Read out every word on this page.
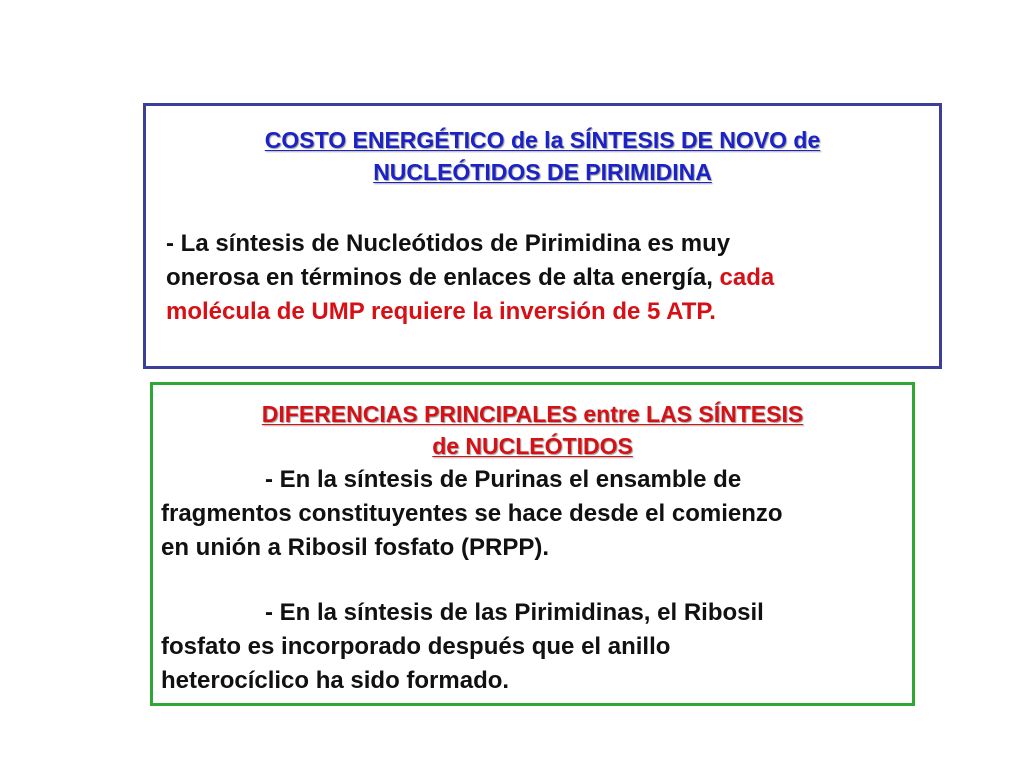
COSTO ENERGÉTICO de la SÍNTESIS DE NOVO de
NUCLEÓTIDOS DE PIRIMIDINA
- La síntesis de Nucleótidos de Pirimidina es muy
onerosa en términos de enlaces de alta energía, cada
molécula de UMP requiere la inversión de 5 ATP.
DIFERENCIAS PRINCIPALES entre LAS SÍNTESIS
de NUCLEÓTIDOS
- En la síntesis de Purinas el ensamble de
fragmentos constituyentes se hace desde el comienzo
en unión a Ribosil fosfato (PRPP).
- En la síntesis de las Pirimidinas, el Ribosil
fosfato es incorporado después que el anillo
heterocíclico ha sido formado.
